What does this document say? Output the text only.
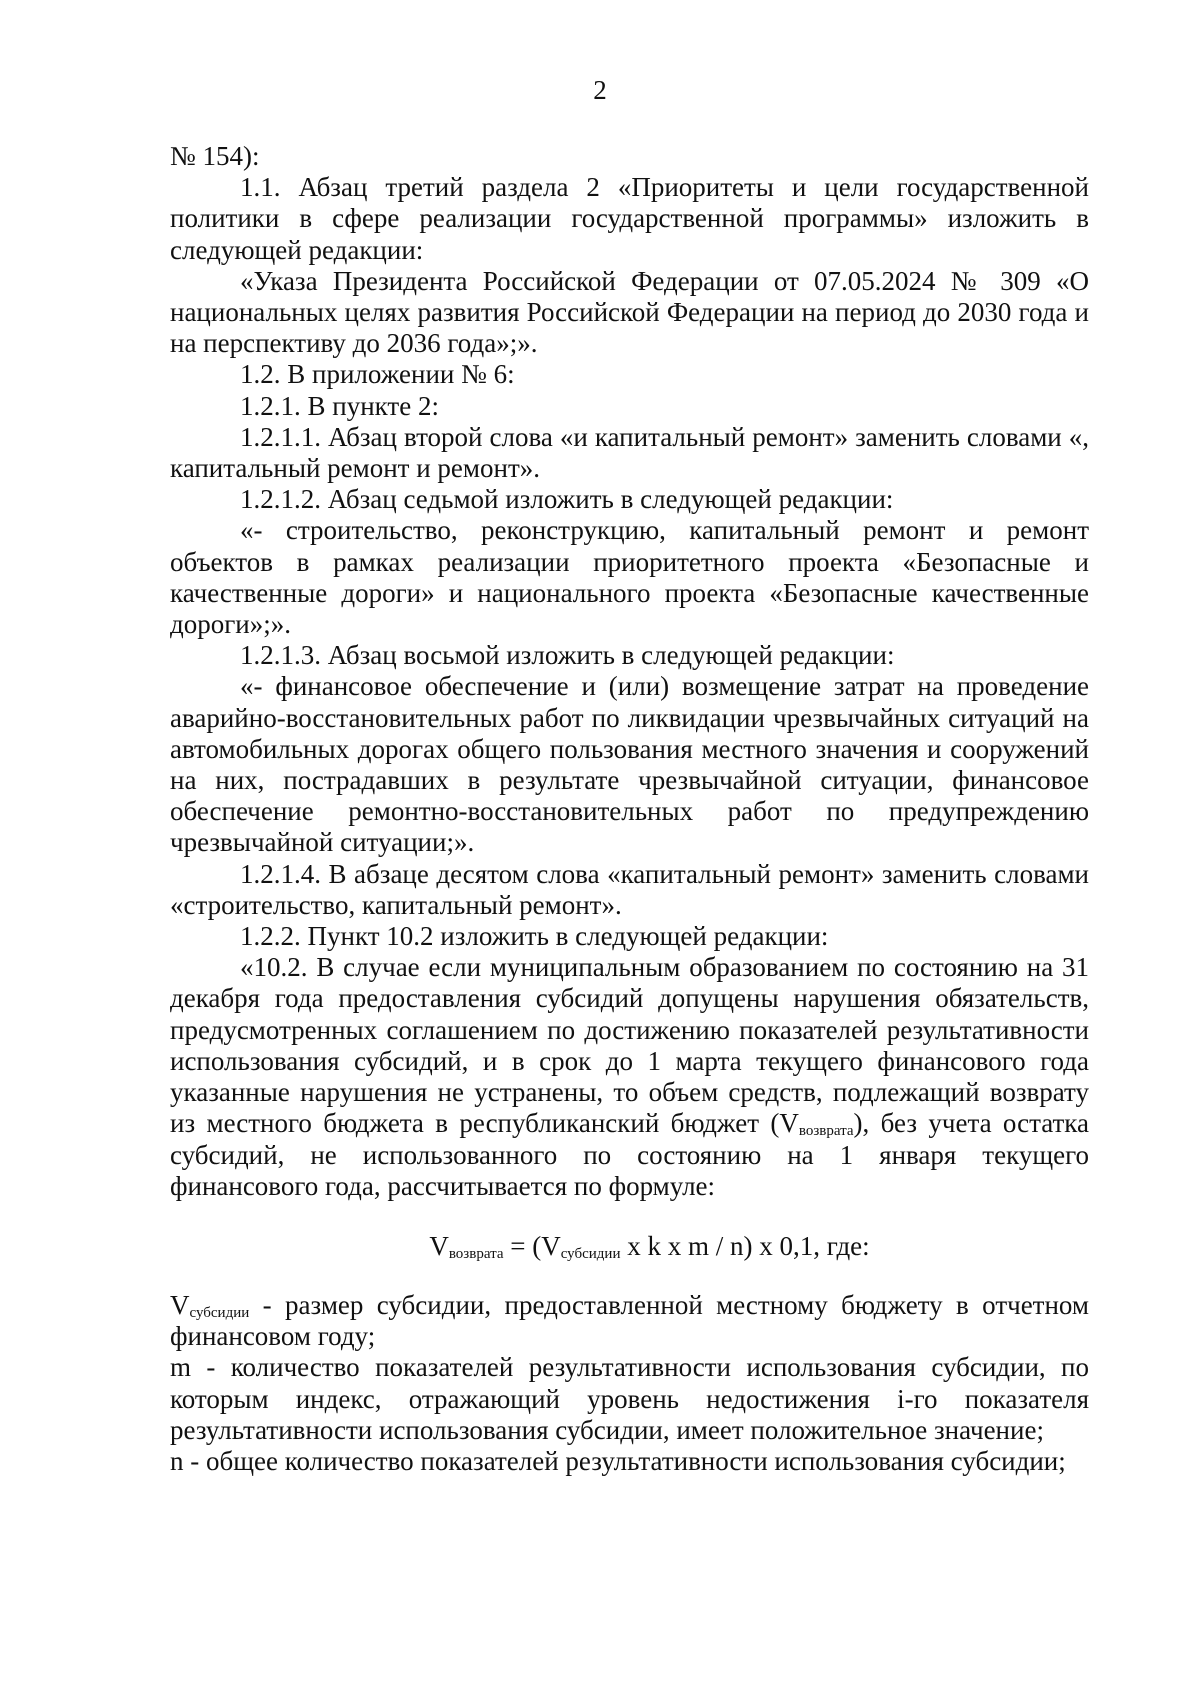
2

№ 154):

1.1. Абзац третий раздела 2 «Приоритеты и цели государственной политики в сфере реализации государственной программы» изложить в следующей редакции:

«Указа Президента Российской Федерации от 07.05.2024 № 309 «О национальных целях развития Российской Федерации на период до 2030 года и на перспективу до 2036 года»;».

1.2. В приложении № 6:

1.2.1. В пункте 2:

1.2.1.1. Абзац второй слова «и капитальный ремонт» заменить словами «, капитальный ремонт и ремонт».

1.2.1.2. Абзац седьмой изложить в следующей редакции:

«- строительство, реконструкцию, капитальный ремонт и ремонт объектов в рамках реализации приоритетного проекта «Безопасные и качественные дороги» и национального проекта «Безопасные качественные дороги»;».

1.2.1.3. Абзац восьмой изложить в следующей редакции:

«- финансовое обеспечение и (или) возмещение затрат на проведение аварийно-восстановительных работ по ликвидации чрезвычайных ситуаций на автомобильных дорогах общего пользования местного значения и сооружений на них, пострадавших в результате чрезвычайной ситуации, финансовое обеспечение ремонтно-восстановительных работ по предупреждению чрезвычайной ситуации;».

1.2.1.4. В абзаце десятом слова «капитальный ремонт» заменить словами «строительство, капитальный ремонт».

1.2.2. Пункт 10.2 изложить в следующей редакции:

«10.2. В случае если муниципальным образованием по состоянию на 31 декабря года предоставления субсидий допущены нарушения обязательств, предусмотренных соглашением по достижению показателей результативности использования субсидий, и в срок до 1 марта текущего финансового года указанные нарушения не устранены, то объем средств, подлежащий возврату из местного бюджета в республиканский бюджет $(V_{возврата})$, без учета остатка субсидий, не использованного по состоянию на 1 января текущего финансового года, рассчитывается по формуле:

$V_{возврата} = (V_{субсидии}$ x k x m / n) x 0,1, где:

$V_{субсидии}$ - размер субсидии, предоставленной местному бюджету в отчетном финансовом году;

m - количество показателей результативности использования субсидии, по которым индекс, отражающий уровень недостижения i-го показателя результативности использования субсидии, имеет положительное значение;

n - общее количество показателей результативности использования субсидии;
